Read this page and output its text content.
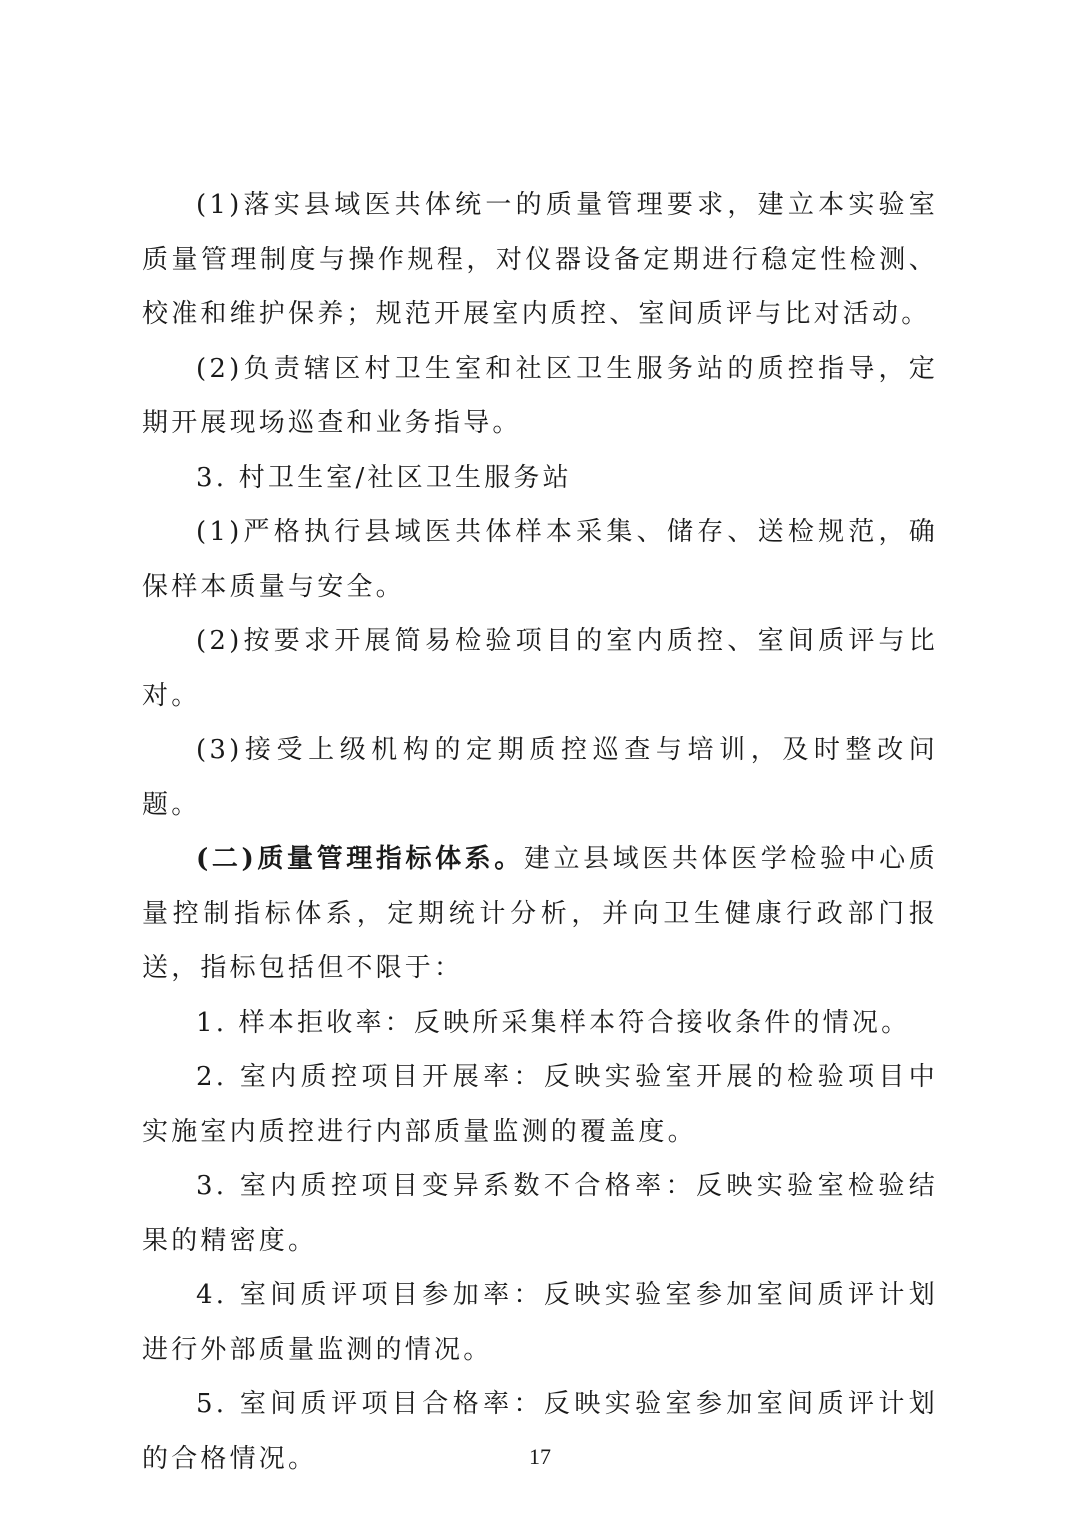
(1)落实县域医共体统一的质量管理要求，建立本实验室质量管理制度与操作规程，对仪器设备定期进行稳定性检测、校准和维护保养；规范开展室内质控、室间质评与比对活动。

(2)负责辖区村卫生室和社区卫生服务站的质控指导，定期开展现场巡查和业务指导。

3. 村卫生室/社区卫生服务站

(1)严格执行县域医共体样本采集、储存、送检规范，确保样本质量与安全。

(2)按要求开展简易检验项目的室内质控、室间质评与比对。

(3)接受上级机构的定期质控巡查与培训，及时整改问题。

(二)质量管理指标体系。建立县域医共体医学检验中心质量控制指标体系，定期统计分析，并向卫生健康行政部门报送，指标包括但不限于：

1. 样本拒收率：反映所采集样本符合接收条件的情况。

2. 室内质控项目开展率：反映实验室开展的检验项目中实施室内质控进行内部质量监测的覆盖度。

3. 室内质控项目变异系数不合格率：反映实验室检验结果的精密度。

4. 室间质评项目参加率：反映实验室参加室间质评计划进行外部质量监测的情况。

5. 室间质评项目合格率：反映实验室参加室间质评计划的合格情况。	17
